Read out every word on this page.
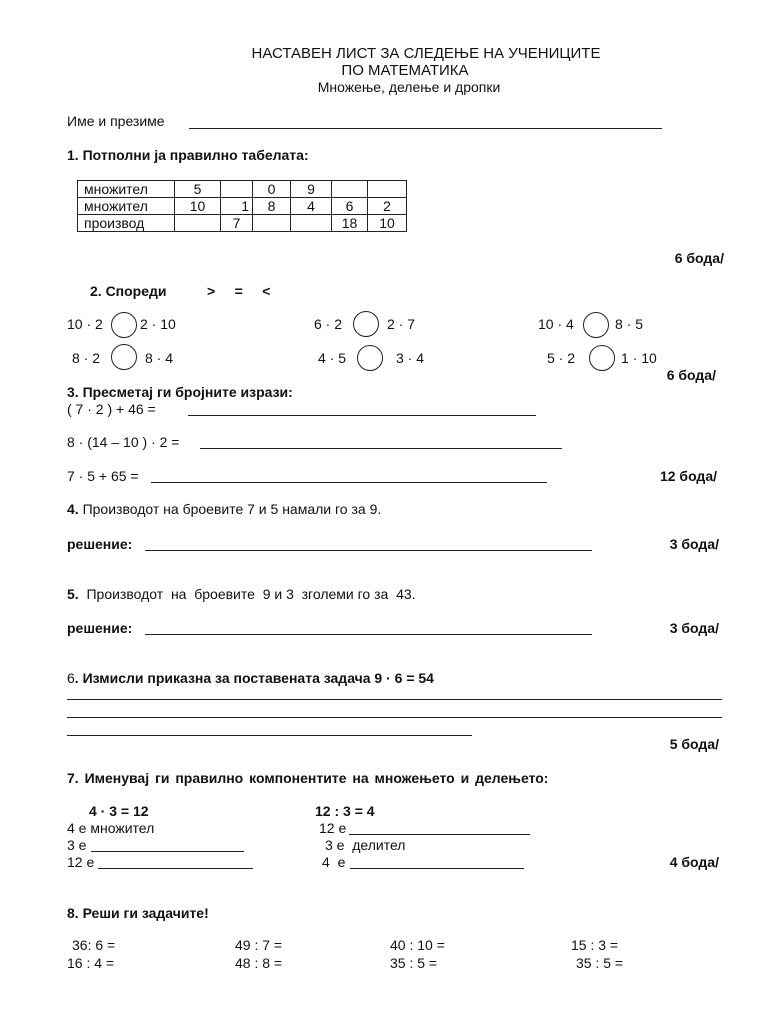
НАСТАВЕН ЛИСТ ЗА СЛЕДЕЊЕ НА УЧЕНИЦИТЕ
ПО МАТЕМАТИКА
Множење, делење и дропки
Име и презиме
1. Потполни ја правилно табелата:
множител	5		0	9		
множител	10	1	8	4	6	2
производ		7			18	10
6 бода/
2. Спореди	>     =     <
10 · 2	2 · 10	6 · 2	2 · 7	10 · 4	8 · 5
8 · 2	8 · 4	4 · 5	3 · 4	5 · 2	1 · 10
6 бода/
3. Пресметај ги бројните изрази:
( 7 · 2 ) + 46 =
8 · (14 – 10 ) · 2 =
7 · 5 + 65 =	12 бода/
4. Производот на броевите 7 и 5 намали го за 9.
решение:	3 бода/
5.  Производот  на  броевите  9 и 3  зголеми го за  43.
решение:	3 бода/
6. Измисли приказна за поставената задача 9 · 6 = 54
5 бода/
7. Именувај ги правилно компонентите на множењето и делењето:
4 · 3 = 12
4 е множител
3 е
12 е
12 : 3 = 4
12 е
3 е  делител
4  е	4 бода/
8. Реши ги задачите!
36: 6 =	49 : 7 =	40 : 10 =	15 : 3 =
16 : 4 =	48 : 8 =	35 : 5 =	35 : 5 =
